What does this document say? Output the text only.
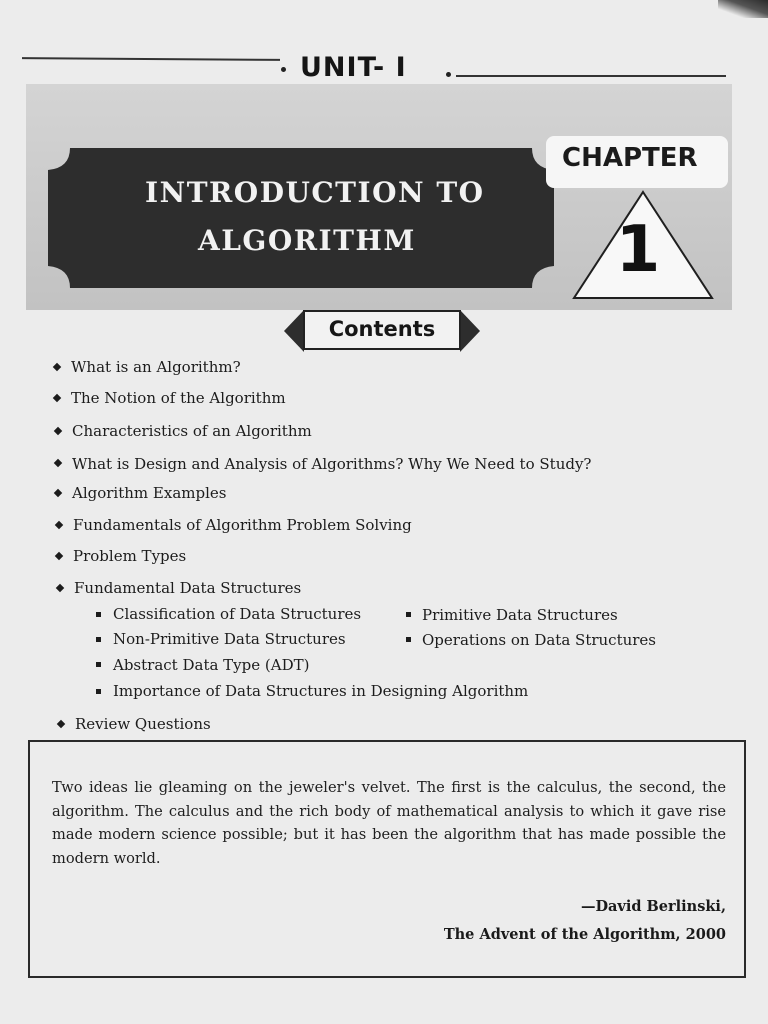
UNIT- I
INTRODUCTION TO
ALGORITHM
CHAPTER
1
Contents
What is an Algorithm?
The Notion of the Algorithm
Characteristics of an Algorithm
What is Design and Analysis of Algorithms? Why We Need to Study?
Algorithm Examples
Fundamentals of Algorithm Problem Solving
Problem Types
Fundamental Data Structures
Classification of Data Structures	Primitive Data Structures
Non-Primitive Data Structures	Operations on Data Structures
Abstract Data Type (ADT)
Importance of Data Structures in Designing Algorithm
Review Questions
Two ideas lie gleaming on the jeweler's velvet. The first is the calculus, the second, the algorithm. The calculus and the rich body of mathematical analysis to which it gave rise made modern science possible; but it has been the algorithm that has made possible the modern world.
—David Berlinski,
The Advent of the Algorithm, 2000
